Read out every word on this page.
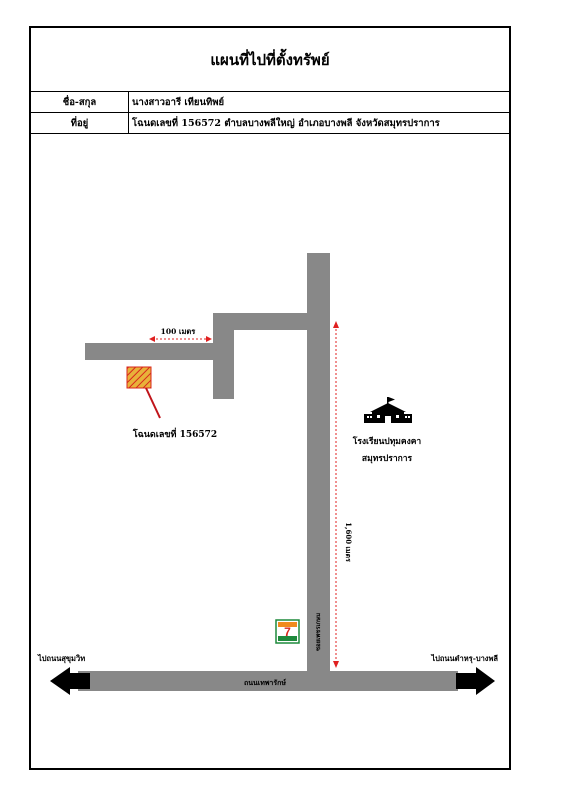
แผนที่ไปที่ตั้งทรัพย์
ชื่อ-สกุล	นางสาวอารี เทียนทิพย์
ที่อยู่	โฉนดเลขที่ 156572 ตำบลบางพลีใหญ่ อำเภอบางพลี จังหวัดสมุทรปราการ
โฉนดเลขที่ 156572
100 เมตร
1,600 เมตร
ซอยเพชรเกษม
ถนนเทพารักษ์
ไปถนนสุขุมวิท	ไปถนนตำหรุ-บางพลี
โรงเรียนปทุมคงคา
สมุทรปราการ
7
